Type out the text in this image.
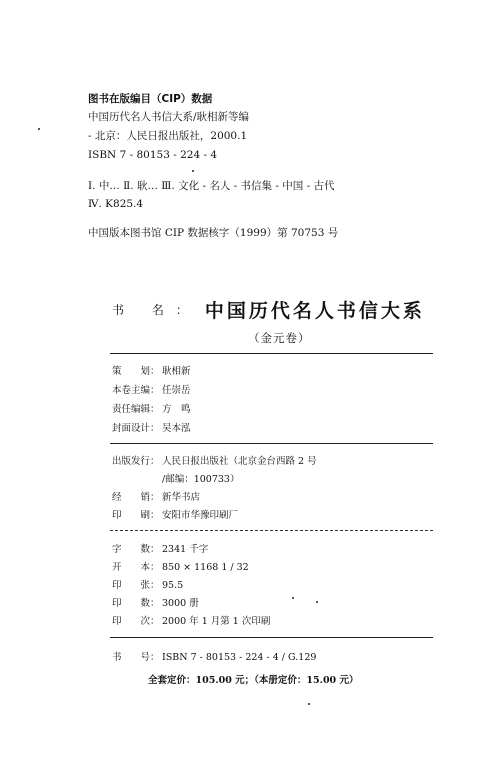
图书在版编目（CIP）数据
中国历代名人书信大系/耿相新等编
- 北京：人民日报出版社，2000.1
ISBN 7 - 80153 - 224 - 4
Ⅰ. 中… Ⅱ. 耿… Ⅲ. 文化 - 名人 - 书信集 - 中国 - 古代
Ⅳ. K825.4
中国版本图书馆 CIP 数据核字（1999）第 70753 号
书 名： 中国历代名人书信大系
（金元卷）
策　　划： 耿相新
本卷主编： 任崇岳
责任编辑： 方　鸣
封面设计： 吴本泓
出版发行： 人民日报出版社（北京金台西路 2 号
/邮编：100733）
经　　销： 新华书店
印　　刷： 安阳市华豫印刷厂
字　　数： 2341 千字
开　　本： 850 × 1168 1 / 32
印　　张： 95.5
印　　数： 3000 册
印　　次： 2000 年 1 月第 1 次印刷
书　　号： ISBN 7 - 80153 - 224 - 4 / G.129
全套定价：105.00 元；（本册定价：15.00 元）
